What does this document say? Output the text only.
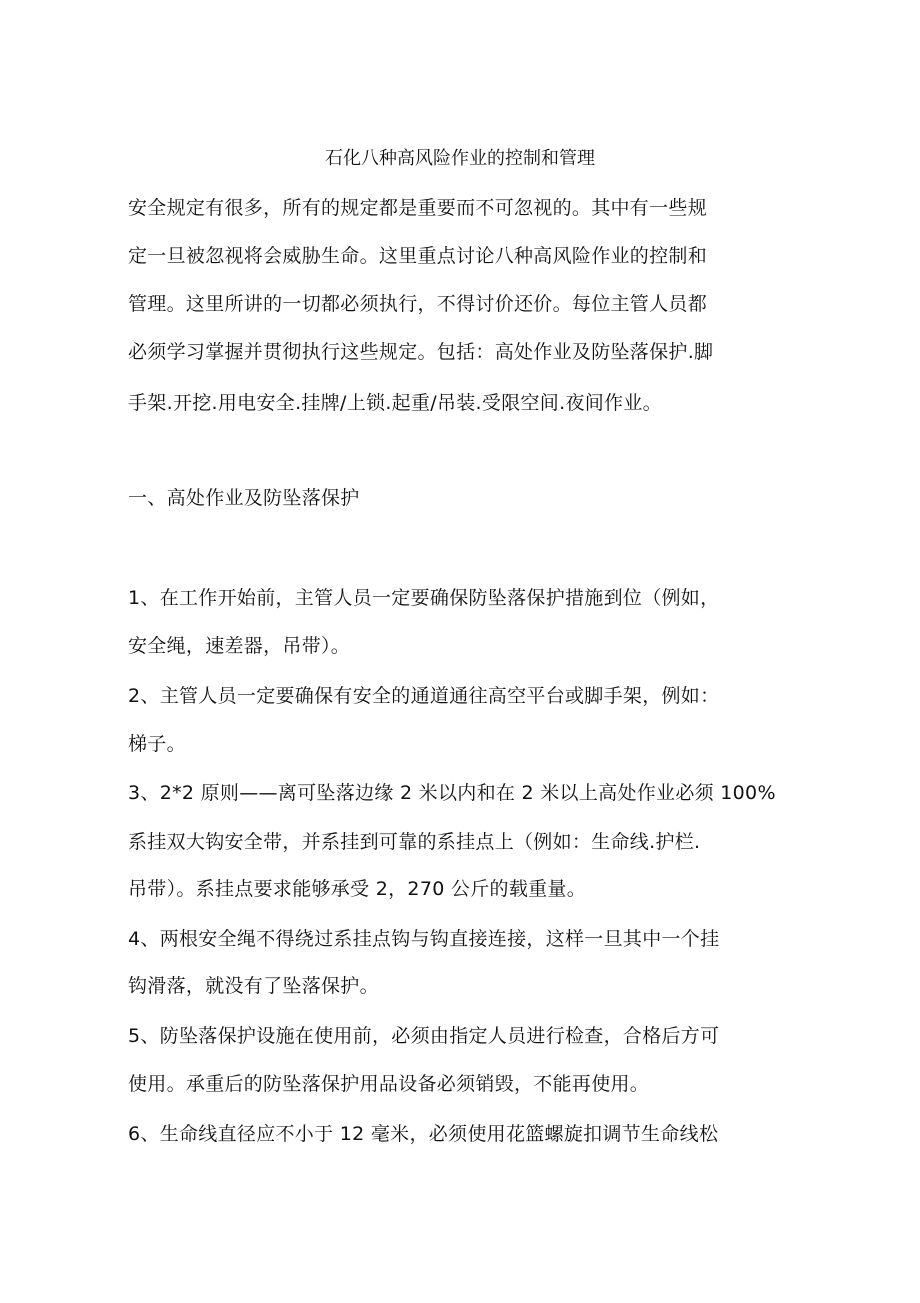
石化八种高风险作业的控制和管理
安全规定有很多，所有的规定都是重要而不可忽视的。其中有一些规
定一旦被忽视将会威胁生命。这里重点讨论八种高风险作业的控制和
管理。这里所讲的一切都必须执行，不得讨价还价。每位主管人员都
必须学习掌握并贯彻执行这些规定。包括：高处作业及防坠落保护.脚
手架.开挖.用电安全.挂牌/上锁.起重/吊装.受限空间.夜间作业。
一、高处作业及防坠落保护
1、在工作开始前，主管人员一定要确保防坠落保护措施到位（例如，
安全绳，速差器，吊带）。
2、主管人员一定要确保有安全的通道通往高空平台或脚手架，例如：
梯子。
3、2*2 原则——离可坠落边缘 2 米以内和在 2 米以上高处作业必须 100%
系挂双大钩安全带，并系挂到可靠的系挂点上（例如：生命线.护栏.
吊带）。系挂点要求能够承受 2，270 公斤的载重量。
4、两根安全绳不得绕过系挂点钩与钩直接连接，这样一旦其中一个挂
钩滑落，就没有了坠落保护。
5、防坠落保护设施在使用前，必须由指定人员进行检查，合格后方可
使用。承重后的防坠落保护用品设备必须销毁，不能再使用。
6、生命线直径应不小于 12 毫米，必须使用花篮螺旋扣调节生命线松
